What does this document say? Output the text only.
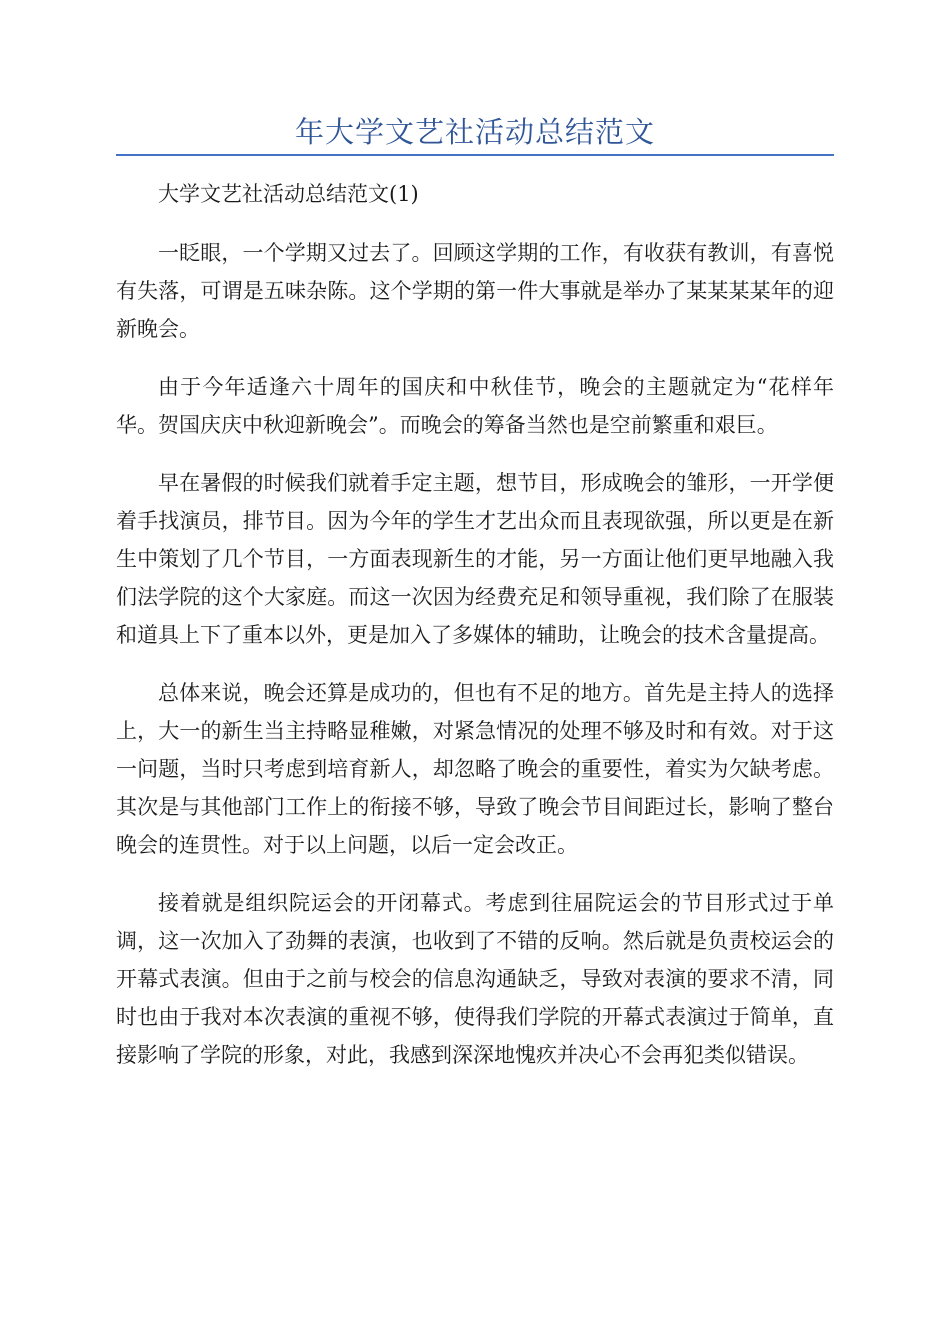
年大学文艺社活动总结范文

大学文艺社活动总结范文(1)

一眨眼，一个学期又过去了。回顾这学期的工作，有收获有教训，有喜悦有失落，可谓是五味杂陈。这个学期的第一件大事就是举办了某某某某年的迎新晚会。

由于今年适逢六十周年的国庆和中秋佳节，晚会的主题就定为“花样年华。贺国庆庆中秋迎新晚会”。而晚会的筹备当然也是空前繁重和艰巨。

早在暑假的时候我们就着手定主题，想节目，形成晚会的雏形，一开学便着手找演员，排节目。因为今年的学生才艺出众而且表现欲强，所以更是在新生中策划了几个节目，一方面表现新生的才能，另一方面让他们更早地融入我们法学院的这个大家庭。而这一次因为经费充足和领导重视，我们除了在服装和道具上下了重本以外，更是加入了多媒体的辅助，让晚会的技术含量提高。

总体来说，晚会还算是成功的，但也有不足的地方。首先是主持人的选择上，大一的新生当主持略显稚嫩，对紧急情况的处理不够及时和有效。对于这一问题，当时只考虑到培育新人，却忽略了晚会的重要性，着实为欠缺考虑。其次是与其他部门工作上的衔接不够，导致了晚会节目间距过长，影响了整台晚会的连贯性。对于以上问题，以后一定会改正。

接着就是组织院运会的开闭幕式。考虑到往届院运会的节目形式过于单调，这一次加入了劲舞的表演，也收到了不错的反响。然后就是负责校运会的开幕式表演。但由于之前与校会的信息沟通缺乏，导致对表演的要求不清，同时也由于我对本次表演的重视不够，使得我们学院的开幕式表演过于简单，直接影响了学院的形象，对此，我感到深深地愧疚并决心不会再犯类似错误。
